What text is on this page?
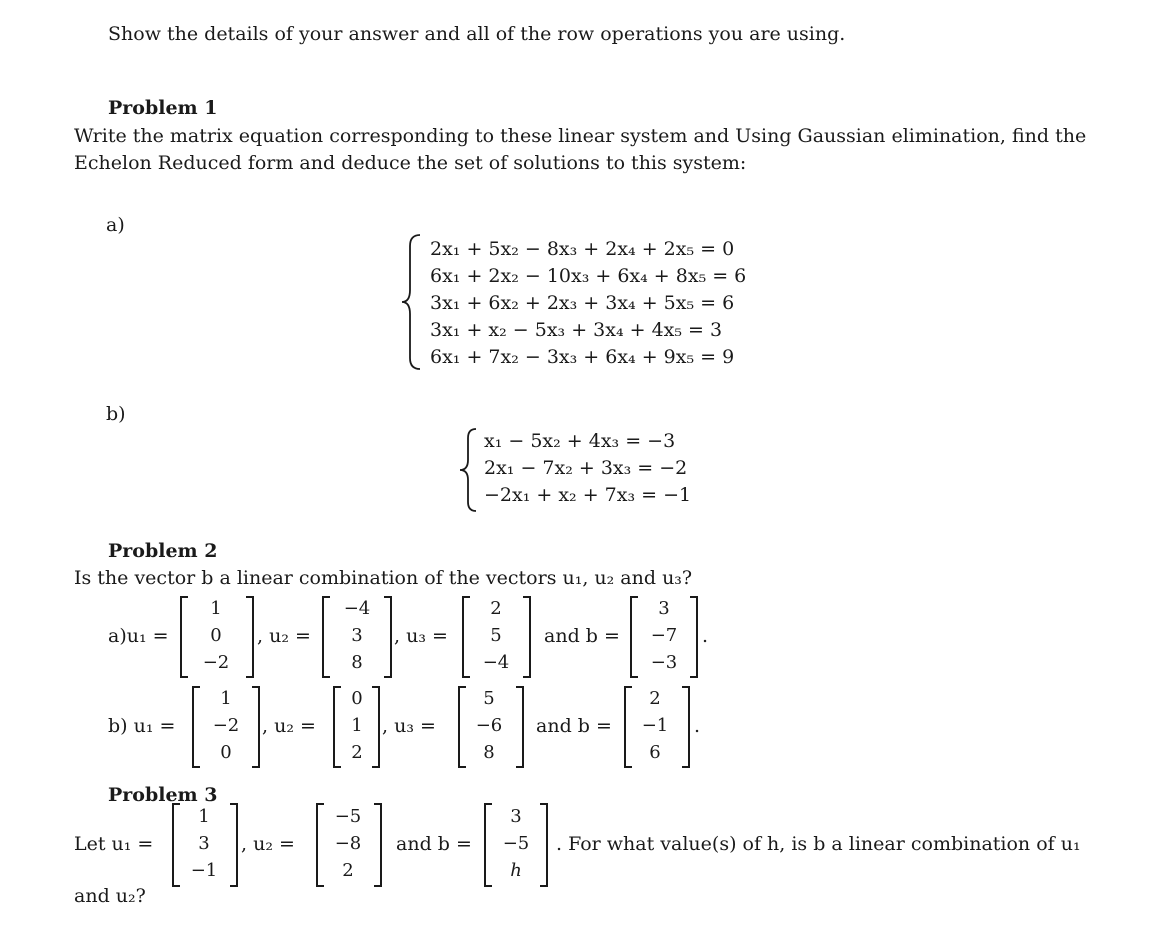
Show the details of your answer and all of the row operations you are using.
Problem 1
Write the matrix equation corresponding to these linear system and Using Gaussian elimination, find the
Echelon Reduced form and deduce the set of solutions to this system:
a)
2x₁ + 5x₂ − 8x₃ + 2x₄ + 2x₅ = 0
6x₁ + 2x₂ − 10x₃ + 6x₄ + 8x₅ = 6
3x₁ + 6x₂ + 2x₃ + 3x₄ + 5x₅ = 6
3x₁ + x₂ − 5x₃ + 3x₄ + 4x₅ = 3
6x₁ + 7x₂ − 3x₃ + 6x₄ + 9x₅ = 9
b)
x₁ − 5x₂ + 4x₃ = −3
2x₁ − 7x₂ + 3x₃ = −2
−2x₁ + x₂ + 7x₃ = −1
Problem 2
Is the vector b a linear combination of the vectors u₁, u₂ and u₃?
a)u₁ =
1
0
−2
, u₂ =
−4
3
8
, u₃ =
2
5
−4
and b =
3
−7
−3
.
b) u₁ =
1
−2
0
, u₂ =
0
1
2
, u₃ =
5
−6
8
and b =
2
−1
6
.
Problem 3
Let u₁ =
1
3
−1
, u₂ =
−5
−8
2
and b =
3
−5
h
. For what value(s) of h, is b a linear combination of u₁
and u₂?
